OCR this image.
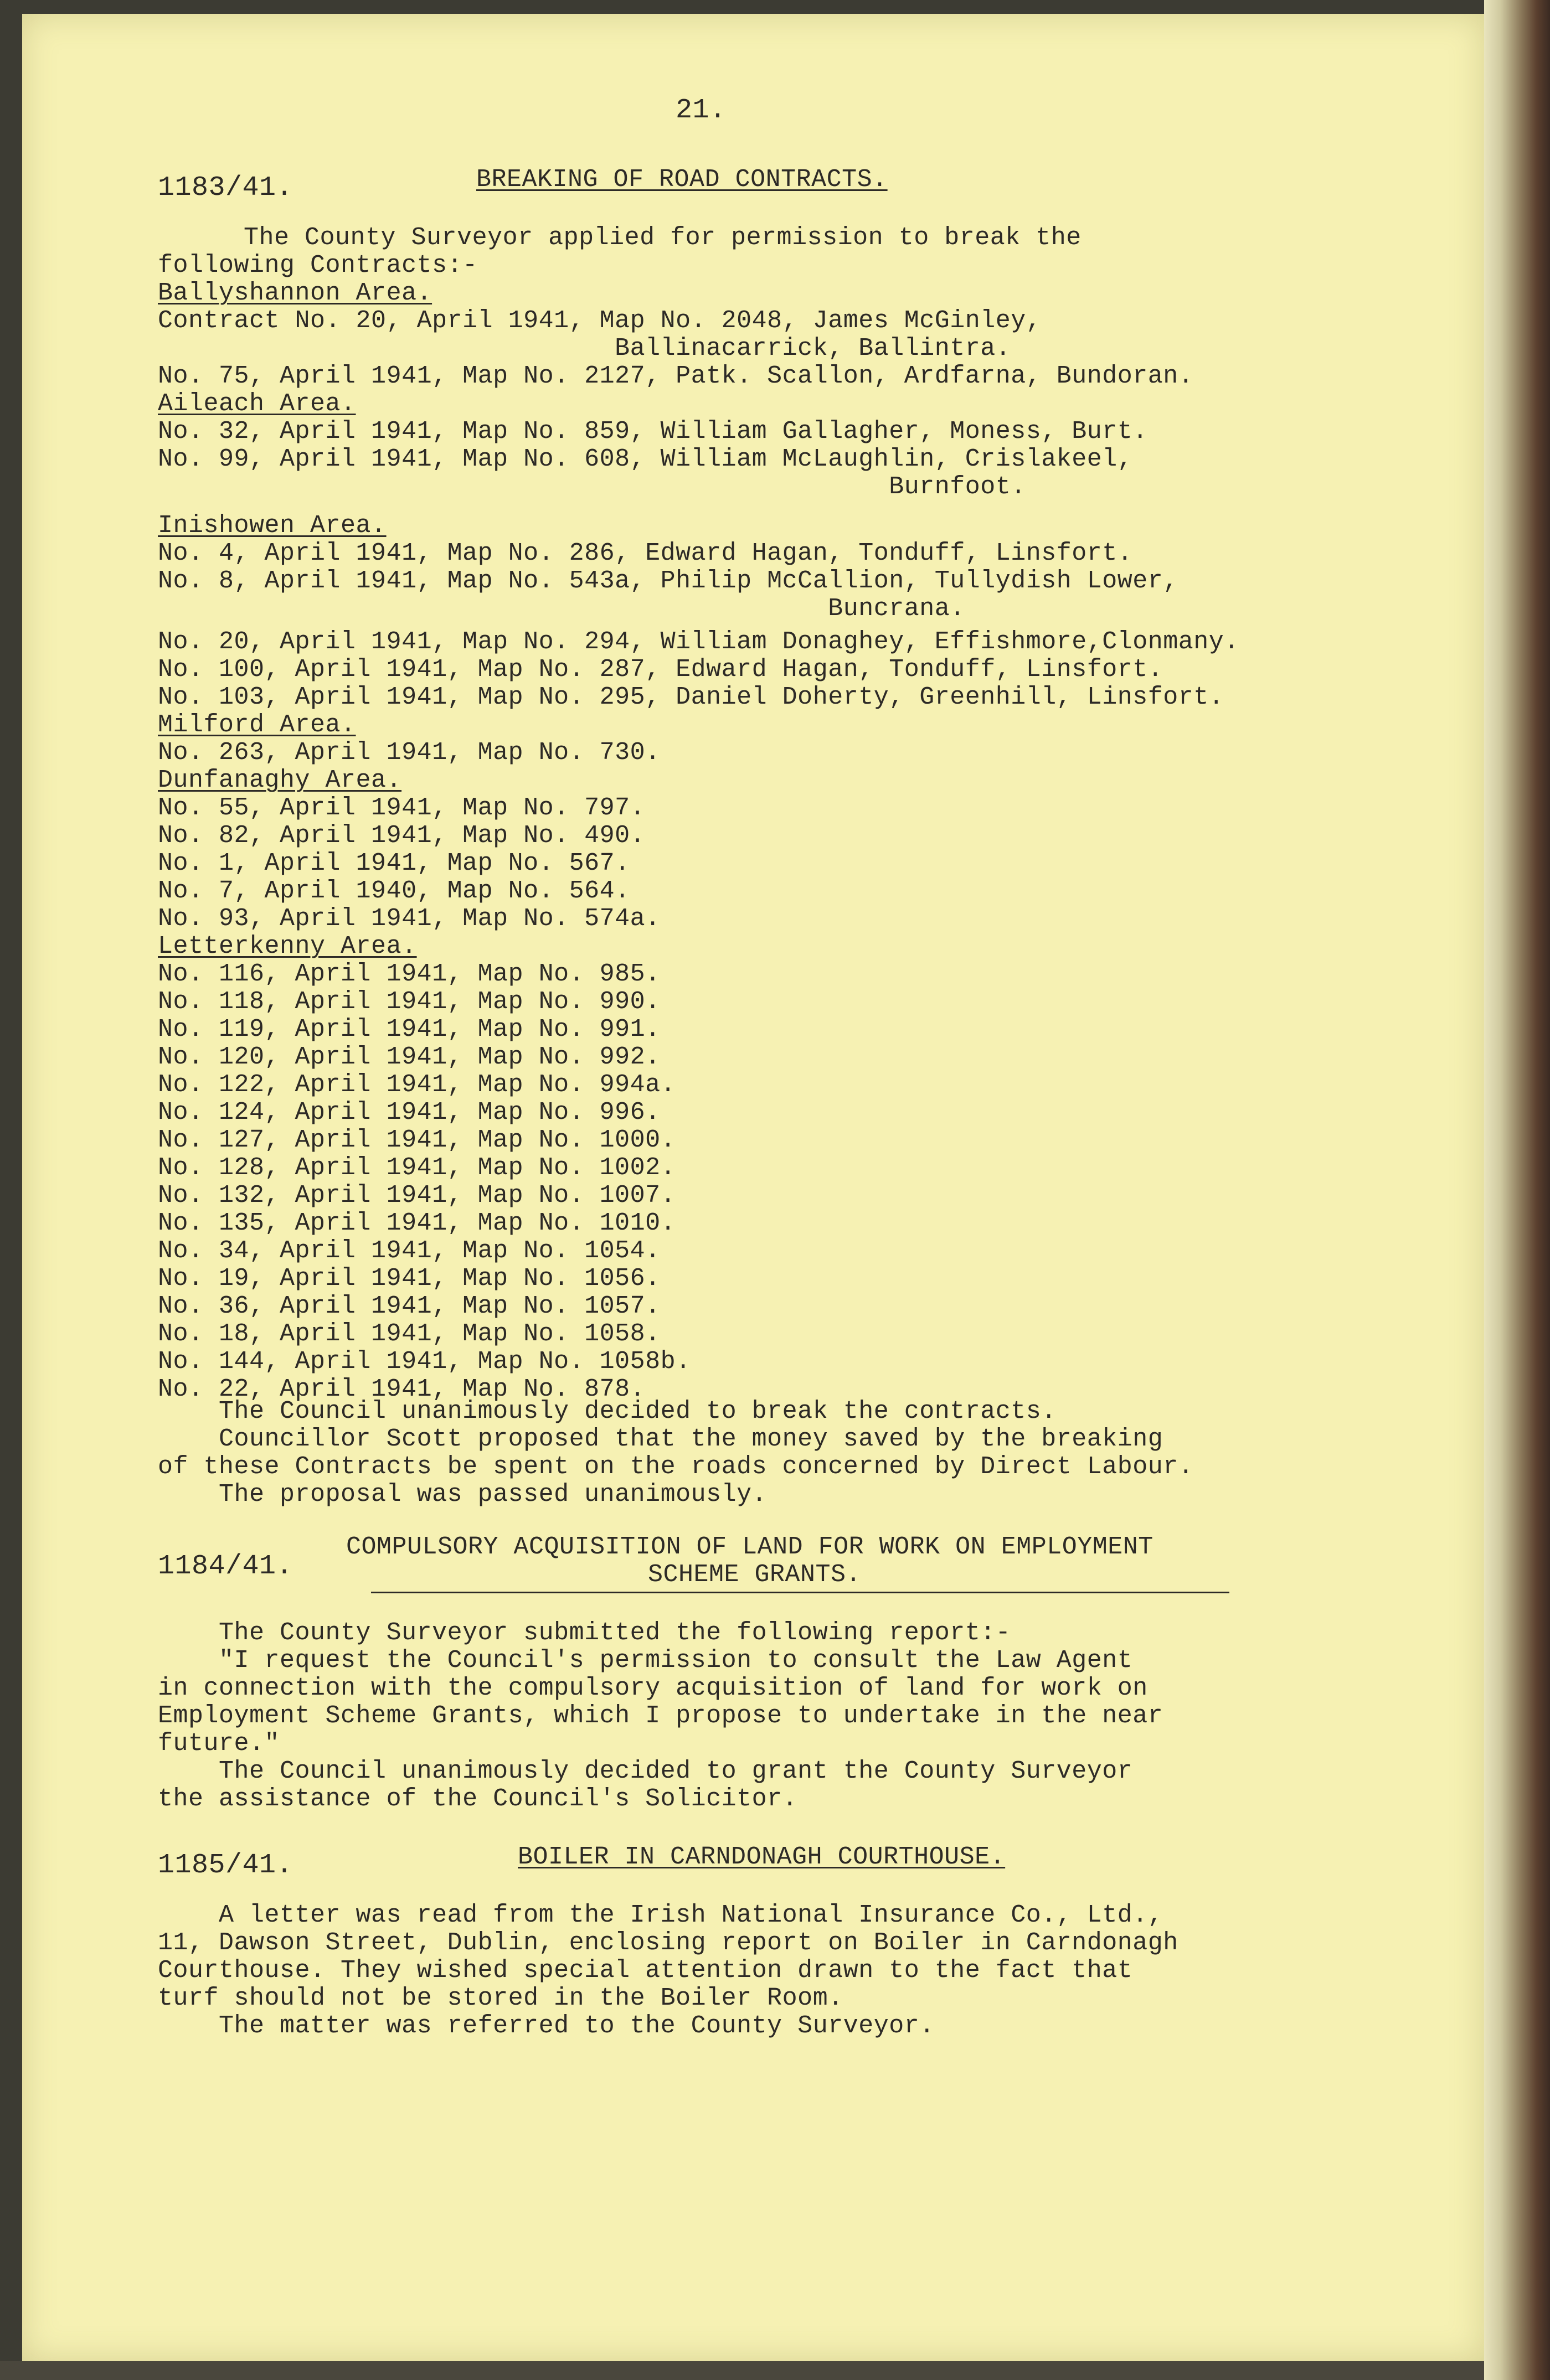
21.
1183/41.	BREAKING OF ROAD CONTRACTS.
The County Surveyor applied for permission to break the
following Contracts:-
Ballyshannon Area.
Contract No. 20, April 1941, Map No. 2048, James McGinley,
Ballinacarrick, Ballintra.
No. 75, April 1941, Map No. 2127, Patk. Scallon, Ardfarna, Bundoran.
Aileach Area.
No. 32, April 1941, Map No. 859, William Gallagher, Moness, Burt.
No. 99, April 1941, Map No. 608, William McLaughlin, Crislakeel,
Burnfoot.
Inishowen Area.
No. 4, April 1941, Map No. 286, Edward Hagan, Tonduff, Linsfort.
No. 8, April 1941, Map No. 543a, Philip McCallion, Tullydish Lower,
Buncrana.
No. 20, April 1941, Map No. 294, William Donaghey, Effishmore,Clonmany.
No. 100, April 1941, Map No. 287, Edward Hagan, Tonduff, Linsfort.
No. 103, April 1941, Map No. 295, Daniel Doherty, Greenhill, Linsfort.
Milford Area.
No. 263, April 1941, Map No. 730.
Dunfanaghy Area.
No. 55, April 1941, Map No. 797.
No. 82, April 1941, Map No. 490.
No. 1, April 1941, Map No. 567.
No. 7, April 1940, Map No. 564.
No. 93, April 1941, Map No. 574a.
Letterkenny Area.
No. 116, April 1941, Map No. 985.
No. 118, April 1941, Map No. 990.
No. 119, April 1941, Map No. 991.
No. 120, April 1941, Map No. 992.
No. 122, April 1941, Map No. 994a.
No. 124, April 1941, Map No. 996.
No. 127, April 1941, Map No. 1000.
No. 128, April 1941, Map No. 1002.
No. 132, April 1941, Map No. 1007.
No. 135, April 1941, Map No. 1010.
No. 34, April 1941, Map No. 1054.
No. 19, April 1941, Map No. 1056.
No. 36, April 1941, Map No. 1057.
No. 18, April 1941, Map No. 1058.
No. 144, April 1941, Map No. 1058b.
No. 22, April 1941, Map No. 878.
The Council unanimously decided to break the contracts.
Councillor Scott proposed that the money saved by the breaking
of these Contracts be spent on the roads concerned by Direct Labour.
The proposal was passed unanimously.
1184/41.
COMPULSORY ACQUISITION OF LAND FOR WORK ON EMPLOYMENT
SCHEME GRANTS.
The County Surveyor submitted the following report:-
"I request the Council's permission to consult the Law Agent
in connection with the compulsory acquisition of land for work on
Employment Scheme Grants, which I propose to undertake in the near
future."
The Council unanimously decided to grant the County Surveyor
the assistance of the Council's Solicitor.
1185/41.	BOILER IN CARNDONAGH COURTHOUSE.
A letter was read from the Irish National Insurance Co., Ltd.,
11, Dawson Street, Dublin, enclosing report on Boiler in Carndonagh
Courthouse. They wished special attention drawn to the fact that
turf should not be stored in the Boiler Room.
The matter was referred to the County Surveyor.
